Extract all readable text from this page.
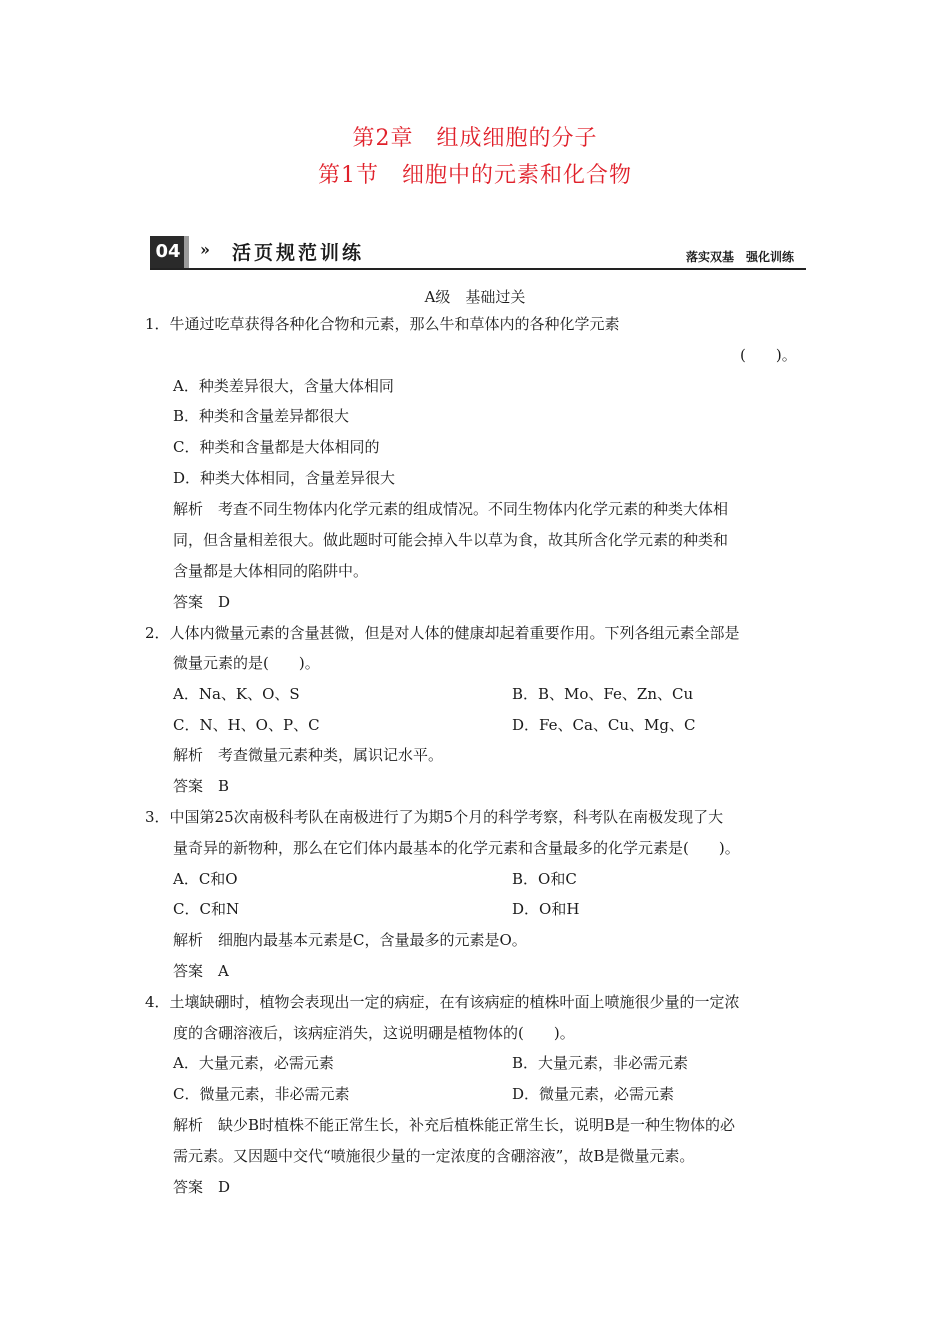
第2章　组成细胞的分子
第1节　细胞中的元素和化合物
04	» 活页规范训练	落实双基　强化训练
A级　基础过关
1．牛通过吃草获得各种化合物和元素，那么牛和草体内的各种化学元素
(　　)。
A．种类差异很大，含量大体相同
B．种类和含量差异都很大
C．种类和含量都是大体相同的
D．种类大体相同，含量差异很大
解析　考查不同生物体内化学元素的组成情况。不同生物体内化学元素的种类大体相
同，但含量相差很大。做此题时可能会掉入牛以草为食，故其所含化学元素的种类和
含量都是大体相同的陷阱中。
答案　D
2．人体内微量元素的含量甚微，但是对人体的健康却起着重要作用。下列各组元素全部是
微量元素的是(　　)。
A．Na、K、O、S	B．B、Mo、Fe、Zn、Cu
C．N、H、O、P、C	D．Fe、Ca、Cu、Mg、C
解析　考查微量元素种类，属识记水平。
答案　B
3．中国第25次南极科考队在南极进行了为期5个月的科学考察，科考队在南极发现了大
量奇异的新物种，那么在它们体内最基本的化学元素和含量最多的化学元素是(　　)。
A．C和O	B．O和C
C．C和N	D．O和H
解析　细胞内最基本元素是C，含量最多的元素是O。
答案　A
4．土壤缺硼时，植物会表现出一定的病症，在有该病症的植株叶面上喷施很少量的一定浓
度的含硼溶液后，该病症消失，这说明硼是植物体的(　　)。
A．大量元素，必需元素	B．大量元素，非必需元素
C．微量元素，非必需元素	D．微量元素，必需元素
解析　缺少B时植株不能正常生长，补充后植株能正常生长，说明B是一种生物体的必
需元素。又因题中交代“喷施很少量的一定浓度的含硼溶液”，故B是微量元素。
答案　D
